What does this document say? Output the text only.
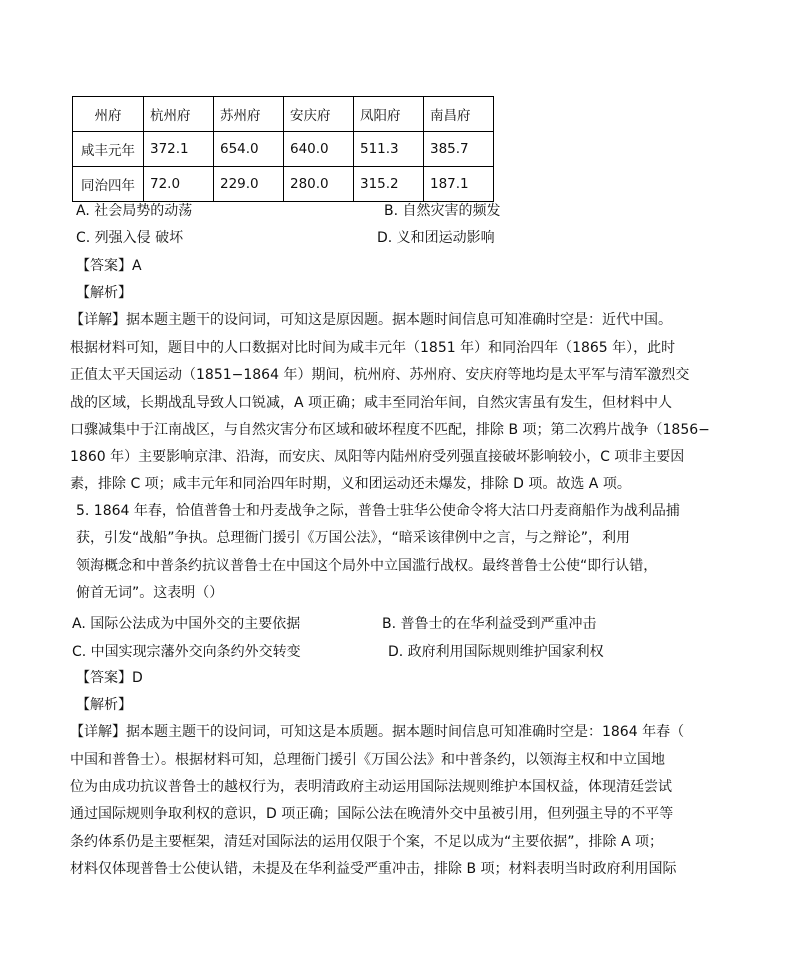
州府	杭州府	苏州府	安庆府	凤阳府	南昌府
咸丰元年	372.1	654.0	640.0	511.3	385.7
同治四年	72.0	229.0	280.0	315.2	187.1
A. 社会局势的动荡	B. 自然灾害的频发
C. 列强入侵 破坏	D. 义和团运动影响
【答案】A
【解析】
【详解】据本题主题干的设问词，可知这是原因题。据本题时间信息可知准确时空是：近代中国。
根据材料可知，题目中的人口数据对比时间为咸丰元年（1851 年）和同治四年（1865 年），此时
正值太平天国运动（1851−1864 年）期间，杭州府、苏州府、安庆府等地均是太平军与清军激烈交
战的区域，长期战乱导致人口锐减，A 项正确；咸丰至同治年间，自然灾害虽有发生，但材料中人
口骤减集中于江南战区，与自然灾害分布区域和破坏程度不匹配，排除 B 项；第二次鸦片战争（1856−
1860 年）主要影响京津、沿海，而安庆、凤阳等内陆州府受列强直接破坏影响较小，C 项非主要因
素，排除 C 项；咸丰元年和同治四年时期，义和团运动还未爆发，排除 D 项。故选 A 项。
5. 1864 年春，恰值普鲁士和丹麦战争之际，普鲁士驻华公使命令将大沽口丹麦商船作为战利品捕
获，引发“战船”争执。总理衙门援引《万国公法》，“暗采该律例中之言，与之辩论”，利用
领海概念和中普条约抗议普鲁士在中国这个局外中立国滥行战权。最终普鲁士公使“即行认错，
俯首无词”。这表明（）
A. 国际公法成为中国外交的主要依据	B. 普鲁士的在华利益受到严重冲击
C. 中国实现宗藩外交向条约外交转变	D. 政府利用国际规则维护国家利权
【答案】D
【解析】
【详解】据本题主题干的设问词，可知这是本质题。据本题时间信息可知准确时空是：1864 年春（
中国和普鲁士）。根据材料可知，总理衙门援引《万国公法》和中普条约，以领海主权和中立国地
位为由成功抗议普鲁士的越权行为，表明清政府主动运用国际法规则维护本国权益，体现清廷尝试
通过国际规则争取利权的意识，D 项正确；国际公法在晚清外交中虽被引用，但列强主导的不平等
条约体系仍是主要框架，清廷对国际法的运用仅限于个案，不足以成为“主要依据”，排除 A 项；
材料仅体现普鲁士公使认错，未提及在华利益受严重冲击，排除 B 项；材料表明当时政府利用国际
